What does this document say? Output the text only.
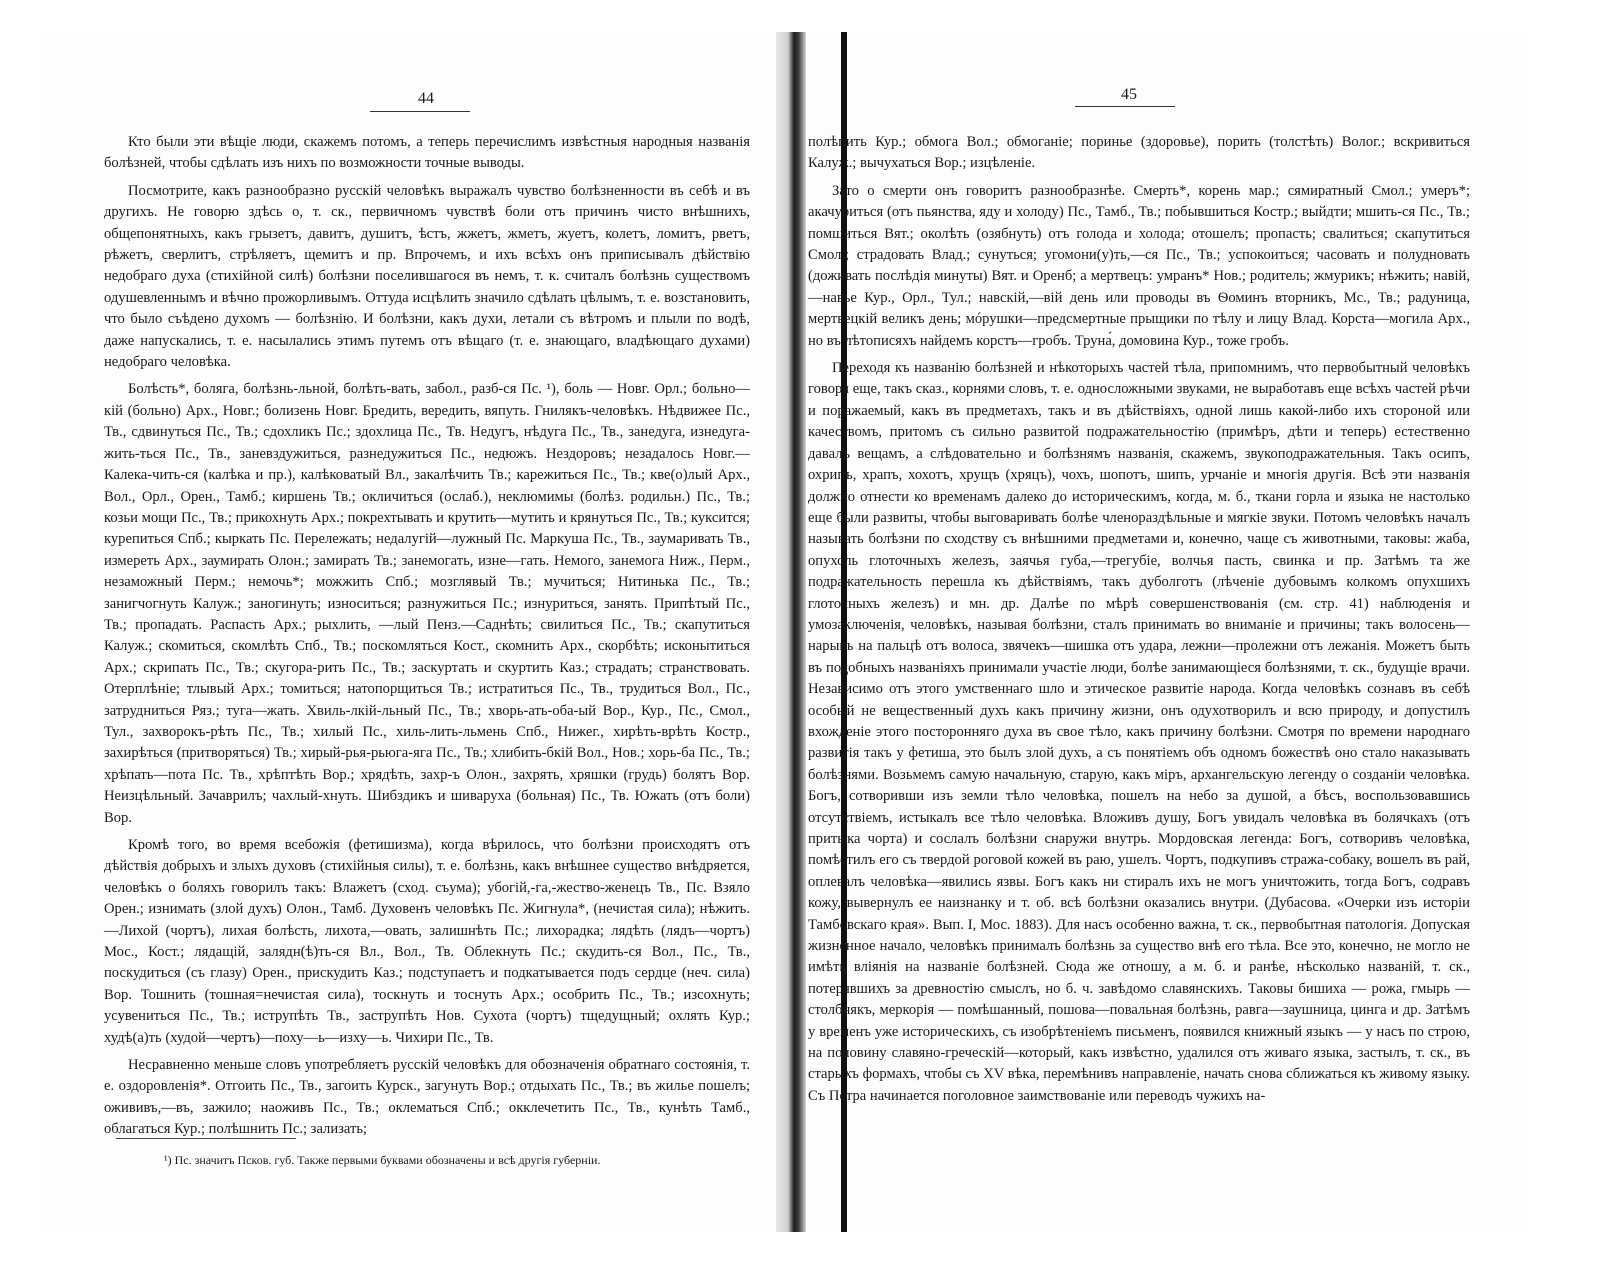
44	45

Кто были эти вѣщіе люди, скажемъ потомъ, а теперь перечислимъ извѣстныя народныя названія болѣзней, чтобы сдѣлать изъ нихъ по возможности точные выводы.

Посмотрите, какъ разнообразно русскій человѣкъ выражалъ чувство болѣзненности въ себѣ и въ другихъ. Не говорю здѣсь о, т. ск., первичномъ чувствѣ боли отъ причинъ чисто внѣшнихъ, общепонятныхъ, какъ грызетъ, давитъ, душитъ, ѣстъ, жжетъ, жметъ, жуетъ, колетъ, ломитъ, рветъ, рѣжетъ, сверлитъ, стрѣляетъ, щемитъ и пр. Впрочемъ, и ихъ всѣхъ онъ приписывалъ дѣйствію недобраго духа (стихійной силѣ) болѣзни поселившагося въ немъ, т. к. считалъ болѣзнь существомъ одушевленнымъ и вѣчно прожорливымъ. Оттуда исцѣлить значило сдѣлать цѣлымъ, т. е. возстановить, что было съѣдено духомъ — болѣзнію. И болѣзни, какъ духи, летали съ вѣтромъ и плыли по водѣ, даже напускались, т. е. насылались этимъ путемъ отъ вѣщаго (т. е. знающаго, владѣющаго духами) недобраго человѣка.

Болѣсть*, боляга, болѣзнь-льной, болѣть-вать, забол., разб-ся Пс. ¹), боль — Новг. Орл.; больно—кій (больно) Арх., Новг.; болизень Новг. Бредить, вередить, вяпуть. Гнилякъ-человѣкъ. Нѣдвижее Пс., Тв., сдвинуться Пс., Тв.; сдохликъ Пс.; здохлица Пс., Тв. Недугъ, нѣдуга Пс., Тв., занедуга, изнедуга-жить-ться Пс., Тв., заневздужиться, разнедужиться Пс., недюжъ. Нездоровъ; незадалось Новг.—Калека-чить-ся (калѣка и пр.), калѣковатый Вл., закалѣчить Тв.; карежиться Пс., Тв.; кве(о)лый Арх., Вол., Орл., Орен., Тамб.; киршень Тв.; окличиться (ослаб.), неклюмимы (болѣз. родильн.) Пс., Тв.; козьи мощи Пс., Тв.; прикохнуть Арх.; покрехтывать и крутить—мутить и крянуться Пс., Тв.; куксится; курепиться Спб.; кыркать Пс. Перележать; недалугій—лужный Пс. Маркуша Пс., Тв., заумаривать Тв., измереть Арх., заумирать Олон.; замирать Тв.; занемогать, изне—гать. Немого, занемога Ниж., Перм., незаможный Перм.; немочь*; можжить Спб.; мозглявый Тв.; мучиться; Нитинька Пс., Тв.; занигчогнуть Калуж.; заногинуть; износиться; разнужиться Пс.; изнуриться, занять. Припѣтый Пс., Тв.; пропадать. Распасть Арх.; рыхлить, —лый Пенз.—Саднѣть; свилиться Пс., Тв.; скапутиться Калуж.; скомиться, скомлѣть Спб., Тв.; поскомляться Кост., скомнить Арх., скорбѣть; исконытиться Арх.; скрипать Пс., Тв.; скугора-рить Пс., Тв.; заскуртать и скуртить Каз.; страдать; странствовать. Отерплѣніе; тлывый Арх.; томиться; натопорщиться Тв.; истратиться Пс., Тв., трудиться Вол., Пс., затрудниться Ряз.; туга—жать. Хвиль-лкій-льный Пс., Тв.; хворь-ать-оба-ый Вор., Кур., Пс., Смол., Тул., захворокъ-рѣть Пс., Тв.; хилый Пс., хиль-лить-льмень Спб., Нижег., хирѣть-врѣть Костр., захирѣться (притворяться) Тв.; хирый-рья-рьюга-яга Пс., Тв.; хлибить-бкій Вол., Нов.; хорь-ба Пс., Тв.; хрѣпать—пота Пс. Тв., хрѣптѣть Вор.; хрядѣть, захр-ъ Олон., захрять, хряшки (грудь) болятъ Вор. Неизцѣльный. Зачаврилъ; чахлый-хнуть. Шибздикъ и шиваруха (больная) Пс., Тв. Южать (отъ боли) Вор.

Кромѣ того, во время всебожія (фетишизма), когда вѣрилось, что болѣзни происходятъ отъ дѣйствія добрыхъ и злыхъ духовъ (стихійныя силы), т. е. болѣзнь, какъ внѣшнее существо внѣдряется, человѣкъ о боляхъ говорилъ такъ: Влажетъ (сход. съума); убогій,-га,-жество-женецъ Тв., Пс. Взяло Орен.; изнимать (злой духъ) Олон., Тамб. Духовенъ человѣкъ Пс. Жигнула*, (нечистая сила); нѣжить.—Лихой (чортъ), лихая болѣсть, лихота,—овать, залишнѣть Пс.; лихорадка; лядѣть (лядъ—чортъ) Мос., Кост.; лядащій, залядн(ѣ)ть-ся Вл., Вол., Тв. Облекнуть Пс.; скудить-ся Вол., Пс., Тв., поскудиться (съ глазу) Орен., прискудить Каз.; подступаетъ и подкатывается подъ сердце (неч. сила) Вор. Тошнить (тошная=нечистая сила), тоскнуть и тоснуть Арх.; особрить Пс., Тв.; изсохнуть; усувениться Пс., Тв.; иструпѣть Тв., заструпѣть Нов. Сухота (чортъ) тщедущный; охлять Кур.; худѣ(а)ть (худой—чертъ)—поху—ь—изху—ь. Чихири Пс., Тв.

Несравненно меньше словъ употребляетъ русскій человѣкъ для обозначенія обратнаго состоянія, т. е. оздоровленія*. Отгоить Пс., Тв., загоить Курск., загунуть Вор.; отдыхать Пс., Тв.; въ жилье пошелъ; ожививъ,—въ, зажило; наоживъ Пс., Тв.; оклематься Спб.; окклечетить Пс., Тв., кунѣть Тамб., облагаться Кур.; полѣшнить Пс.; зализать;

¹) Пс. значитъ Псков. губ. Также первыми буквами обозначены и всѣ другія губерніи.

полѣпить Кур.; обмога Вол.; обмоганіе; поринье (здоровье), порить (толстѣть) Волог.; вскривиться Калуж.; вычухаться Вор.; изцѣленіе.

Зато о смерти онъ говоритъ разнообразнѣе. Смерть*, корень мар.; сямиратный Смол.; умеръ*; акачуриться (отъ пьянства, яду и холоду) Пс., Тамб., Тв.; побывшиться Костр.; выйдти; мшить-ся Пс., Тв.; помшиться Вят.; околѣть (озябнуть) отъ голода и холода; отошелъ; пропасть; свалиться; скапутиться Смол.; страдовать Влад.; сунуться; угомони(у)ть,—ся Пс., Тв.; успокоиться; часовать и полудновать (доживать послѣдія минуты) Вят. и Оренб; а мертвецъ: умранъ* Нов.; родитель; жмурикъ; нѣжить; навій,—навье Кур., Орл., Тул.; навскій,—вій день или проводы въ Ѳоминъ вторникъ, Мс., Тв.; радуница, мертвецкій великъ день; мóрушки—предсмертные прыщики по тѣлу и лицу Влад. Корста—могила Арх., но въ лѣтописяхъ найдемъ корстъ—гробъ. Труна́, домовина Кур., тоже гробъ.

Переходя къ названію болѣзней и нѣкоторыхъ частей тѣла, припомнимъ, что первобытный человѣкъ говоря еще, такъ сказ., корнями словъ, т. е. односложными звуками, не выработавъ еще всѣхъ частей рѣчи и поражаемый, какъ въ предметахъ, такъ и въ дѣйствіяхъ, одной лишь какой-либо ихъ стороной или качествомъ, притомъ съ сильно развитой подражательностію (примѣръ, дѣти и теперь) естественно давалъ вещамъ, а слѣдовательно и болѣзнямъ названія, скажемъ, звукоподражательныя. Такъ осипъ, охрипъ, храпъ, хохотъ, хрущъ (хряцъ), чохъ, шопотъ, шипъ, урчаніе и многія другія. Всѣ эти названія должно отнести ко временамъ далеко до историческимъ, когда, м. б., ткани горла и языка не настолько еще были развиты, чтобы выговаривать болѣе членораздѣльные и мягкіе звуки. Потомъ человѣкъ началъ называть болѣзни по сходству съ внѣшними предметами и, конечно, чаще съ животными, таковы: жаба, опухоль глоточныхъ железъ, заячья губа,—трегубіе, волчья пасть, свинка и пр. Затѣмъ та же подражательность перешла къ дѣйствіямъ, такъ дуболготъ (лѣченіе дубовымъ колкомъ опухшихъ глоточныхъ железъ) и мн. др. Далѣе по мѣрѣ совершенствованія (см. стр. 41) наблюденія и умозаключенія, человѣкъ, называя болѣзни, сталъ принимать во вниманіе и причины; такъ волосень—нарывъ на пальцѣ отъ волоса, звячекъ—шишка отъ удара, лежни—пролежни отъ лежанія. Можетъ быть въ подобныхъ названіяхъ принимали участіе люди, болѣе занимающіеся болѣзнями, т. ск., будущіе врачи. Независимо отъ этого умственнаго шло и этическое развитіе народа. Когда человѣкъ сознавъ въ себѣ особый не вещественный духъ какъ причину жизни, онъ одухотворилъ и всю природу, и допустилъ вхожденіе этого посторонняго духа въ свое тѣло, какъ причину болѣзни. Смотря по времени народнаго развитія такъ у фетиша, это былъ злой духъ, а съ понятіемъ объ одномъ божествѣ оно стало наказывать болѣзнями. Возьмемъ самую начальную, старую, какъ міръ, архангельскую легенду о созданіи человѣка. Богъ, сотворивши изъ земли тѣло человѣка, пошелъ на небо за душой, а бѣсъ, воспользовавшись отсутствіемъ, истыкалъ все тѣло человѣка. Вложивъ душу, Богъ увидалъ человѣка въ болячкахъ (отъ притыка чорта) и сослалъ болѣзни снаружи внутрь. Мордовская легенда: Богъ, сотворивъ человѣка, помѣстилъ его съ твердой роговой кожей въ раю, ушелъ. Чортъ, подкупивъ стража-собаку, вошелъ въ рай, оплевалъ человѣка—явились язвы. Богъ какъ ни стиралъ ихъ не могъ уничтожить, тогда Богъ, содравъ кожу, вывернулъ ее наизнанку и т. об. всѣ болѣзни оказались внутри. (Дубасова. «Очерки изъ исторіи Тамбовскаго края». Вып. I, Мос. 1883). Для насъ особенно важна, т. ск., первобытная патологія. Допуская жизненное начало, человѣкъ принималъ болѣзнь за существо внѣ его тѣла. Все это, конечно, не могло не имѣть вліянія на названіе болѣзней. Сюда же отношу, а м. б. и ранѣе, нѣсколько названій, т. ск., потерявшихъ за древностію смыслъ, но б. ч. завѣдомо славянскихъ. Таковы бишиха — рожа, гмырь — столбнякъ, меркорія — помѣшанный, пошова—повальная болѣзнь, равга—заушница, цинга и др. Затѣмъ у временъ уже историческихъ, съ изобрѣтеніемъ письменъ, появился книжный языкъ — у насъ по строю, на половину славяно-греческій—который, какъ извѣстно, удалился отъ живаго языка, застылъ, т. ск., въ старыхъ формахъ, чтобы съ XV вѣка, перемѣнивъ направленіе, начать снова сближаться къ живому языку. Съ Петра начинается поголовное заимствованіе или переводъ чужихъ на-
